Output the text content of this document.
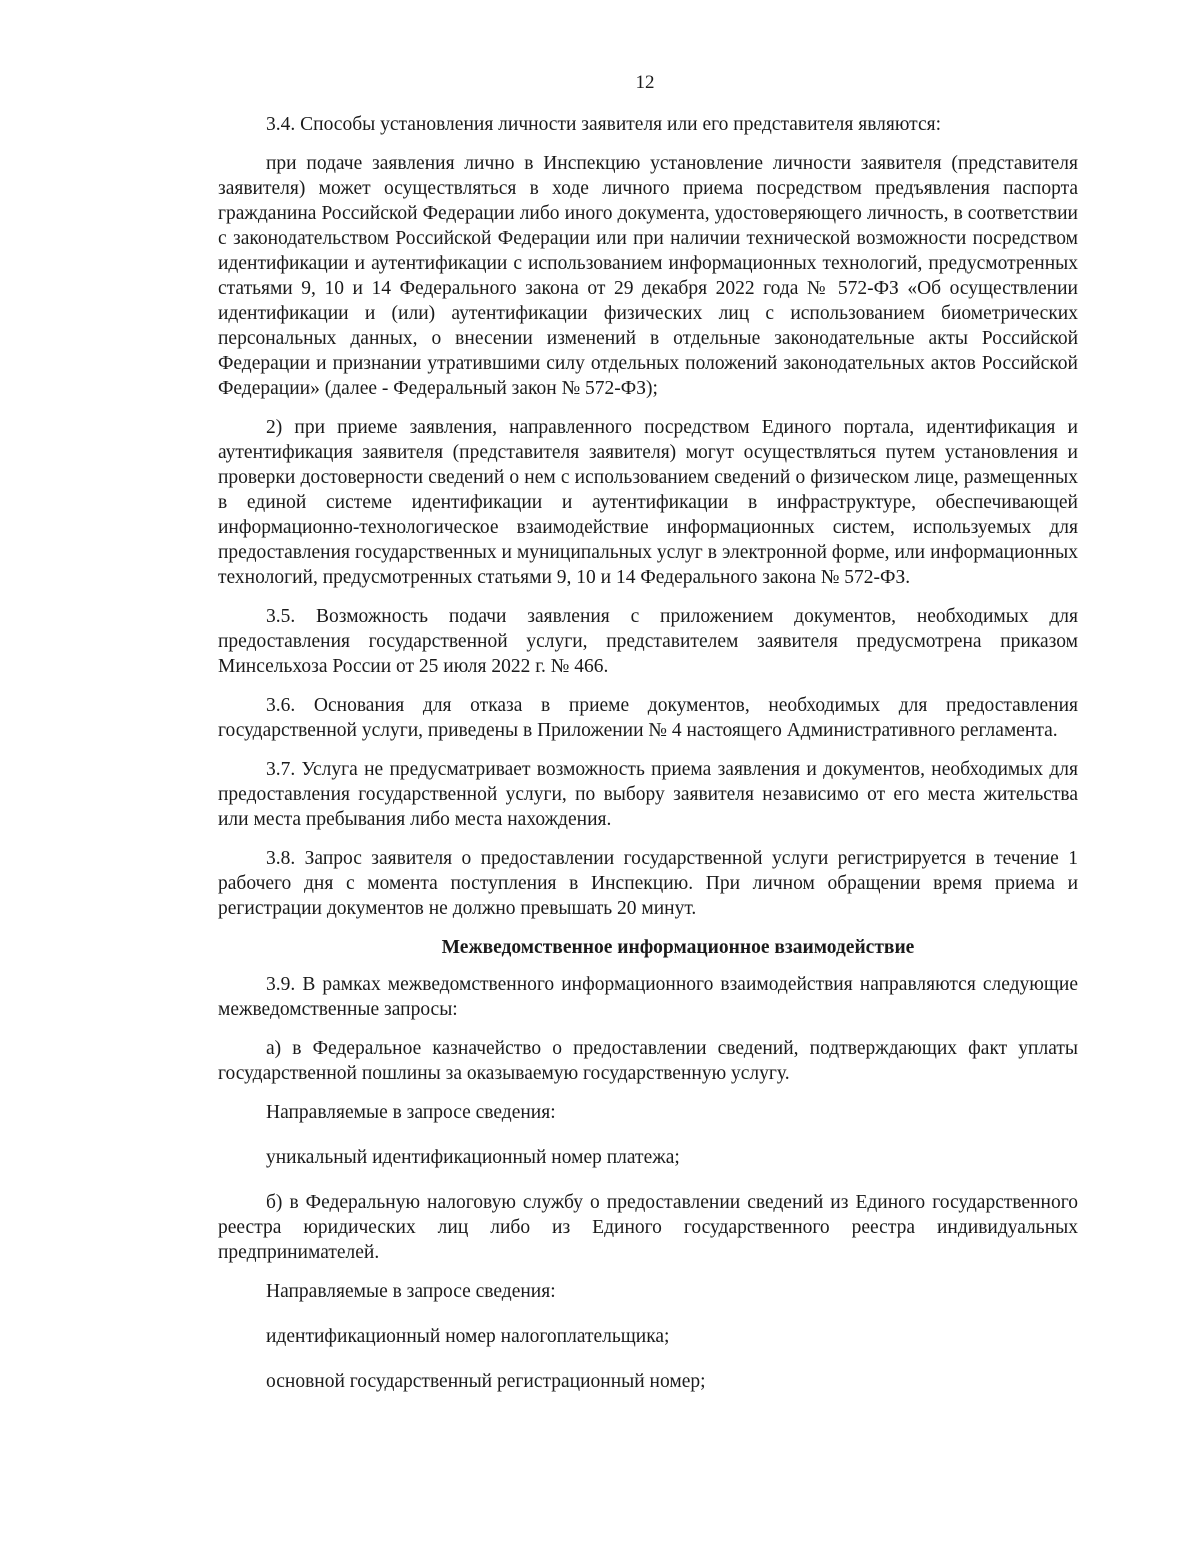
12

3.4. Способы установления личности заявителя или его представителя являются:

при подаче заявления лично в Инспекцию установление личности заявителя (представителя заявителя) может осуществляться в ходе личного приема посредством предъявления паспорта гражданина Российской Федерации либо иного документа, удостоверяющего личность, в соответствии с законодательством Российской Федерации или при наличии технической возможности посредством идентификации и аутентификации с использованием информационных технологий, предусмотренных статьями 9, 10 и 14 Федерального закона от 29 декабря 2022 года № 572-ФЗ «Об осуществлении идентификации и (или) аутентификации физических лиц с использованием биометрических персональных данных, о внесении изменений в отдельные законодательные акты Российской Федерации и признании утратившими силу отдельных положений законодательных актов Российской Федерации» (далее - Федеральный закон № 572-ФЗ);

2) при приеме заявления, направленного посредством Единого портала, идентификация и аутентификация заявителя (представителя заявителя) могут осуществляться путем установления и проверки достоверности сведений о нем с использованием сведений о физическом лице, размещенных в единой системе идентификации и аутентификации в инфраструктуре, обеспечивающей информационно-технологическое взаимодействие информационных систем, используемых для предоставления государственных и муниципальных услуг в электронной форме, или информационных технологий, предусмотренных статьями 9, 10 и 14 Федерального закона № 572-ФЗ.

3.5. Возможность подачи заявления с приложением документов, необходимых для предоставления государственной услуги, представителем заявителя предусмотрена приказом Минсельхоза России от 25 июля 2022 г. № 466.

3.6. Основания для отказа в приеме документов, необходимых для предоставления государственной услуги, приведены в Приложении № 4 настоящего Административного регламента.

3.7. Услуга не предусматривает возможность приема заявления и документов, необходимых для предоставления государственной услуги, по выбору заявителя независимо от его места жительства или места пребывания либо места нахождения.

3.8. Запрос заявителя о предоставлении государственной услуги регистрируется в течение 1 рабочего дня с момента поступления в Инспекцию. При личном обращении время приема и регистрации документов не должно превышать 20 минут.

Межведомственное информационное взаимодействие

3.9. В рамках межведомственного информационного взаимодействия направляются следующие межведомственные запросы:

а) в Федеральное казначейство о предоставлении сведений, подтверждающих факт уплаты государственной пошлины за оказываемую государственную услугу.

Направляемые в запросе сведения:

уникальный идентификационный номер платежа;

б) в Федеральную налоговую службу о предоставлении сведений из Единого государственного реестра юридических лиц либо из Единого государственного реестра индивидуальных предпринимателей.

Направляемые в запросе сведения:

идентификационный номер налогоплательщика;

основной государственный регистрационный номер;
